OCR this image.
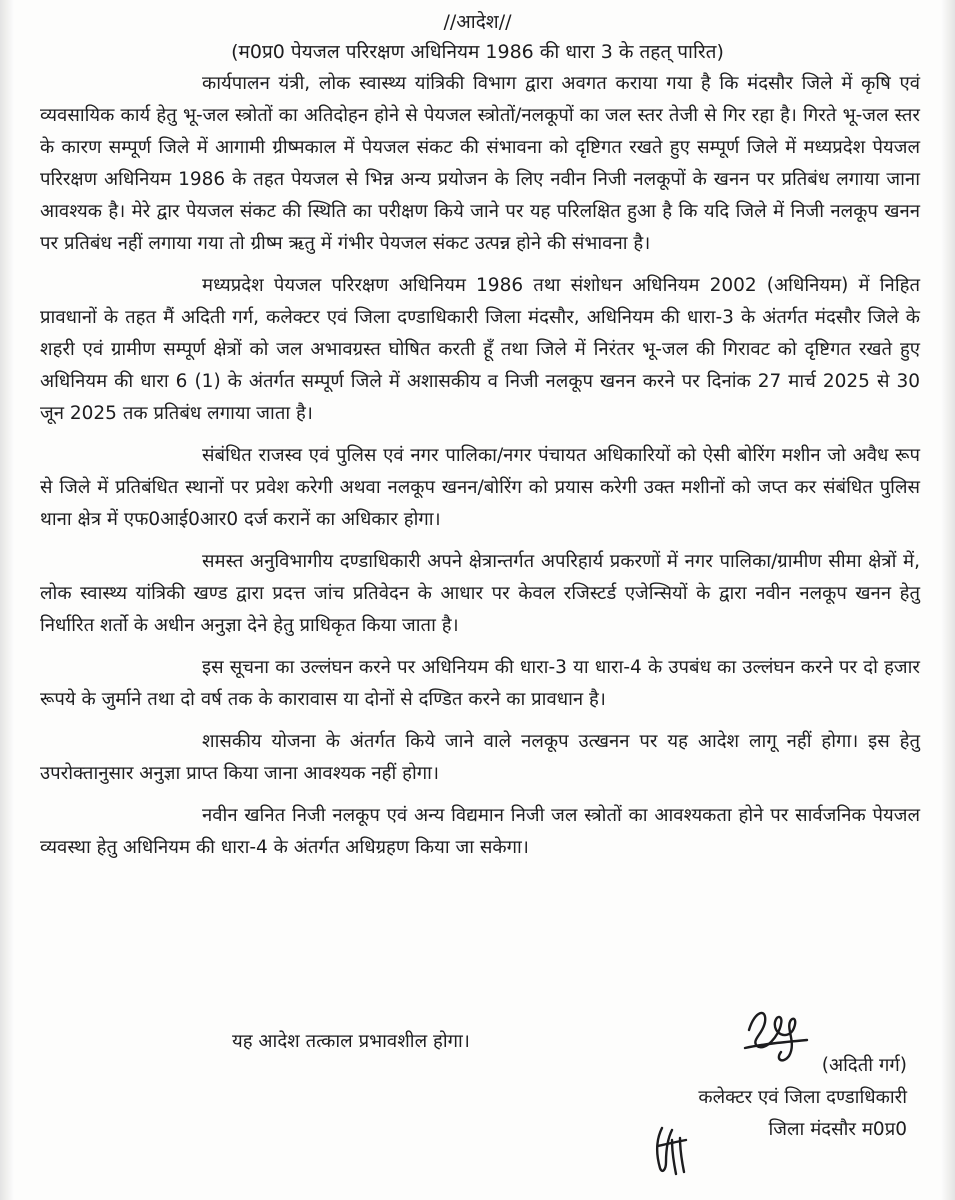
//आदेश//
(म0प्र0 पेयजल परिरक्षण अधिनियम 1986 की धारा 3 के तहत् पारित)

कार्यपालन यंत्री, लोक स्वास्थ्य यांत्रिकी विभाग द्वारा अवगत कराया गया है कि मंदसौर जिले में कृषि एवं व्यवसायिक कार्य हेतु भू-जल स्त्रोतों का अतिदोहन होने से पेयजल स्त्रोतों/नलकूपों का जल स्तर तेजी से गिर रहा है। गिरते भू-जल स्तर के कारण सम्पूर्ण जिले में आगामी ग्रीष्मकाल में पेयजल संकट की संभावना को दृष्टिगत रखते हुए सम्पूर्ण जिले में मध्यप्रदेश पेयजल परिरक्षण अधिनियम 1986 के तहत पेयजल से भिन्न अन्य प्रयोजन के लिए नवीन निजी नलकूपों के खनन पर प्रतिबंध लगाया जाना आवश्यक है। मेरे द्वार पेयजल संकट की स्थिति का परीक्षण किये जाने पर यह परिलक्षित हुआ है कि यदि जिले में निजी नलकूप खनन पर प्रतिबंध नहीं लगाया गया तो ग्रीष्म ऋतु में गंभीर पेयजल संकट उत्पन्न होने की संभावना है।

मध्यप्रदेश पेयजल परिरक्षण अधिनियम 1986 तथा संशोधन अधिनियम 2002 (अधिनियम) में निहित प्रावधानों के तहत मैं अदिती गर्ग, कलेक्टर एवं जिला दण्डाधिकारी जिला मंदसौर, अधिनियम की धारा-3 के अंतर्गत मंदसौर जिले के शहरी एवं ग्रामीण सम्पूर्ण क्षेत्रों को जल अभावग्रस्त घोषित करती हूँ तथा जिले में निरंतर भू-जल की गिरावट को दृष्टिगत रखते हुए अधिनियम की धारा 6 (1) के अंतर्गत सम्पूर्ण जिले में अशासकीय व निजी नलकूप खनन करने पर दिनांक 27 मार्च 2025 से 30 जून 2025 तक प्रतिबंध लगाया जाता है।

संबंधित राजस्व एवं पुलिस एवं नगर पालिका/नगर पंचायत अधिकारियों को ऐसी बोरिंग मशीन जो अवैध रूप से जिले में प्रतिबंधित स्थानों पर प्रवेश करेगी अथवा नलकूप खनन/बोरिंग को प्रयास करेगी उक्त मशीनों को जप्त कर संबंधित पुलिस थाना क्षेत्र में एफ0आई0आर0 दर्ज करानें का अधिकार होगा।

समस्त अनुविभागीय दण्डाधिकारी अपने क्षेत्रान्तर्गत अपरिहार्य प्रकरणों में नगर पालिका/ग्रामीण सीमा क्षेत्रों में, लोक स्वास्थ्य यांत्रिकी खण्ड द्वारा प्रदत्त जांच प्रतिवेदन के आधार पर केवल रजिस्टर्ड एजेन्सियों के द्वारा नवीन नलकूप खनन हेतु निर्धारित शर्तो के अधीन अनुज्ञा देने हेतु प्राधिकृत किया जाता है।

इस सूचना का उल्लंघन करने पर अधिनियम की धारा-3 या धारा-4 के उपबंध का उल्लंघन करने पर दो हजार रूपये के जुर्माने तथा दो वर्ष तक के कारावास या दोनों से दण्डित करने का प्रावधान है।

शासकीय योजना के अंतर्गत किये जाने वाले नलकूप उत्खनन पर यह आदेश लागू नहीं होगा। इस हेतु उपरोक्तानुसार अनुज्ञा प्राप्त किया जाना आवश्यक नहीं होगा।

नवीन खनित निजी नलकूप एवं अन्य विद्यमान निजी जल स्त्रोतों का आवश्यकता होने पर सार्वजनिक पेयजल व्यवस्था हेतु अधिनियम की धारा-4 के अंतर्गत अधिग्रहण किया जा सकेगा।

यह आदेश तत्काल प्रभावशील होगा।

(अदिती गर्ग)

कलेक्टर एवं जिला दण्डाधिकारी

जिला मंदसौर म0प्र0
